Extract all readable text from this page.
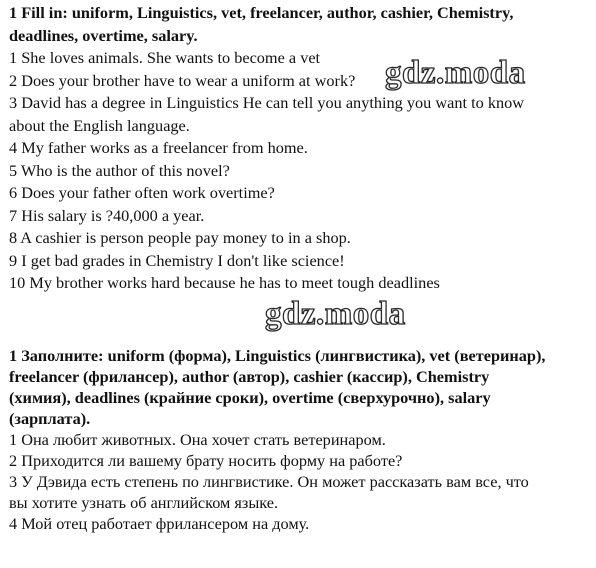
1 Fill in: uniform, Linguistics, vet, freelancer, author, cashier, Chemistry,
deadlines, overtime, salary.
1 She loves animals. She wants to become a vet
2 Does your brother have to wear a uniform at work?
3 David has a degree in Linguistics He can tell you anything you want to know
about the English language.
4 My father works as a freelancer from home.
5 Who is the author of this novel?
6 Does your father often work overtime?
7 His salary is ?40,000 a year.
8 A cashier is person people pay money to in a shop.
9 I get bad grades in Chemistry I don't like science!
10 My brother works hard because he has to meet tough deadlines
1 Заполните: uniform (форма), Linguistics (лингвистика), vet (ветеринар),
freelancer (фрилансер), author (автор), cashier (кассир), Chemistry
(химия), deadlines (крайние сроки), overtime (сверхурочно), salary
(зарплата).
1 Она любит животных. Она хочет стать ветеринаром.
2 Приходится ли вашему брату носить форму на работе?
3 У Дэвида есть степень по лингвистике. Он может рассказать вам все, что
вы хотите узнать об английском языке.
4 Мой отец работает фрилансером на дому.
gdz.moda
gdz.moda
